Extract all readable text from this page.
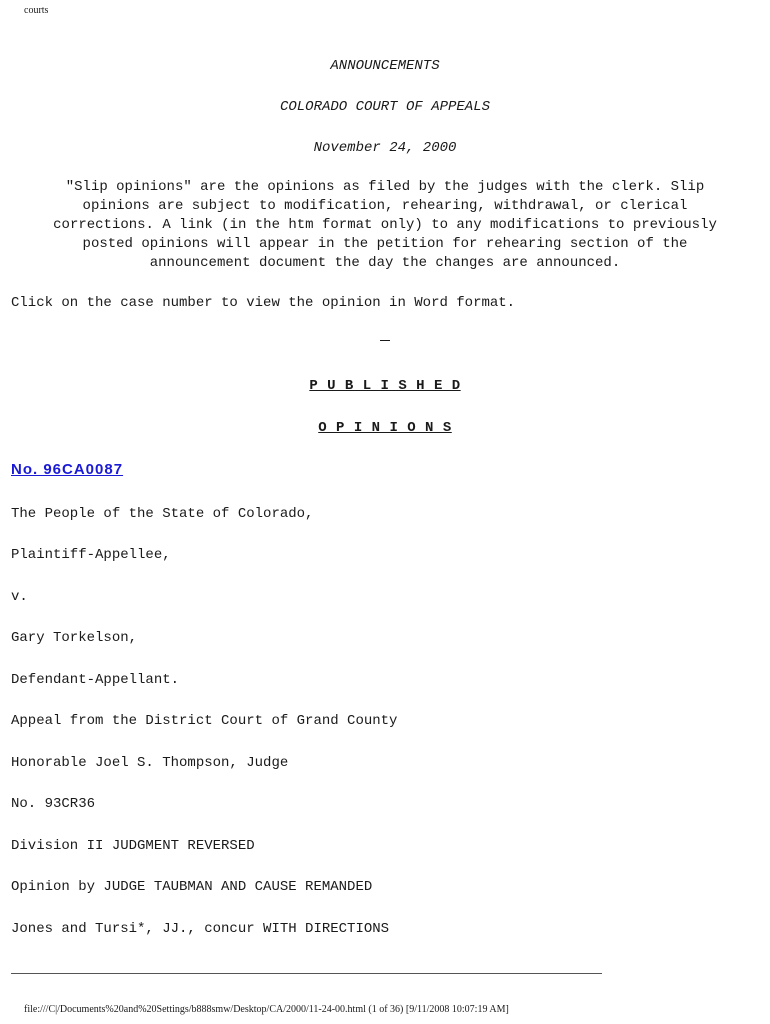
courts
ANNOUNCEMENTS
COLORADO COURT OF APPEALS
November 24, 2000
"Slip opinions" are the opinions as filed by the judges with the clerk. Slip
opinions are subject to modification, rehearing, withdrawal, or clerical
corrections. A link (in the htm format only) to any modifications to previously
posted opinions will appear in the petition for rehearing section of the
announcement document the day the changes are announced.
Click on the case number to view the opinion in Word format.
P U B L I S H E D
O P I N I O N S
No. 96CA0087
The People of the State of Colorado,
Plaintiff-Appellee,
v.
Gary Torkelson,
Defendant-Appellant.
Appeal from the District Court of Grand County
Honorable Joel S. Thompson, Judge
No. 93CR36
Division II JUDGMENT REVERSED
Opinion by JUDGE TAUBMAN AND CAUSE REMANDED
Jones and Tursi*, JJ., concur WITH DIRECTIONS
file:///C|/Documents%20and%20Settings/b888smw/Desktop/CA/2000/11-24-00.html (1 of 36) [9/11/2008 10:07:19 AM]
